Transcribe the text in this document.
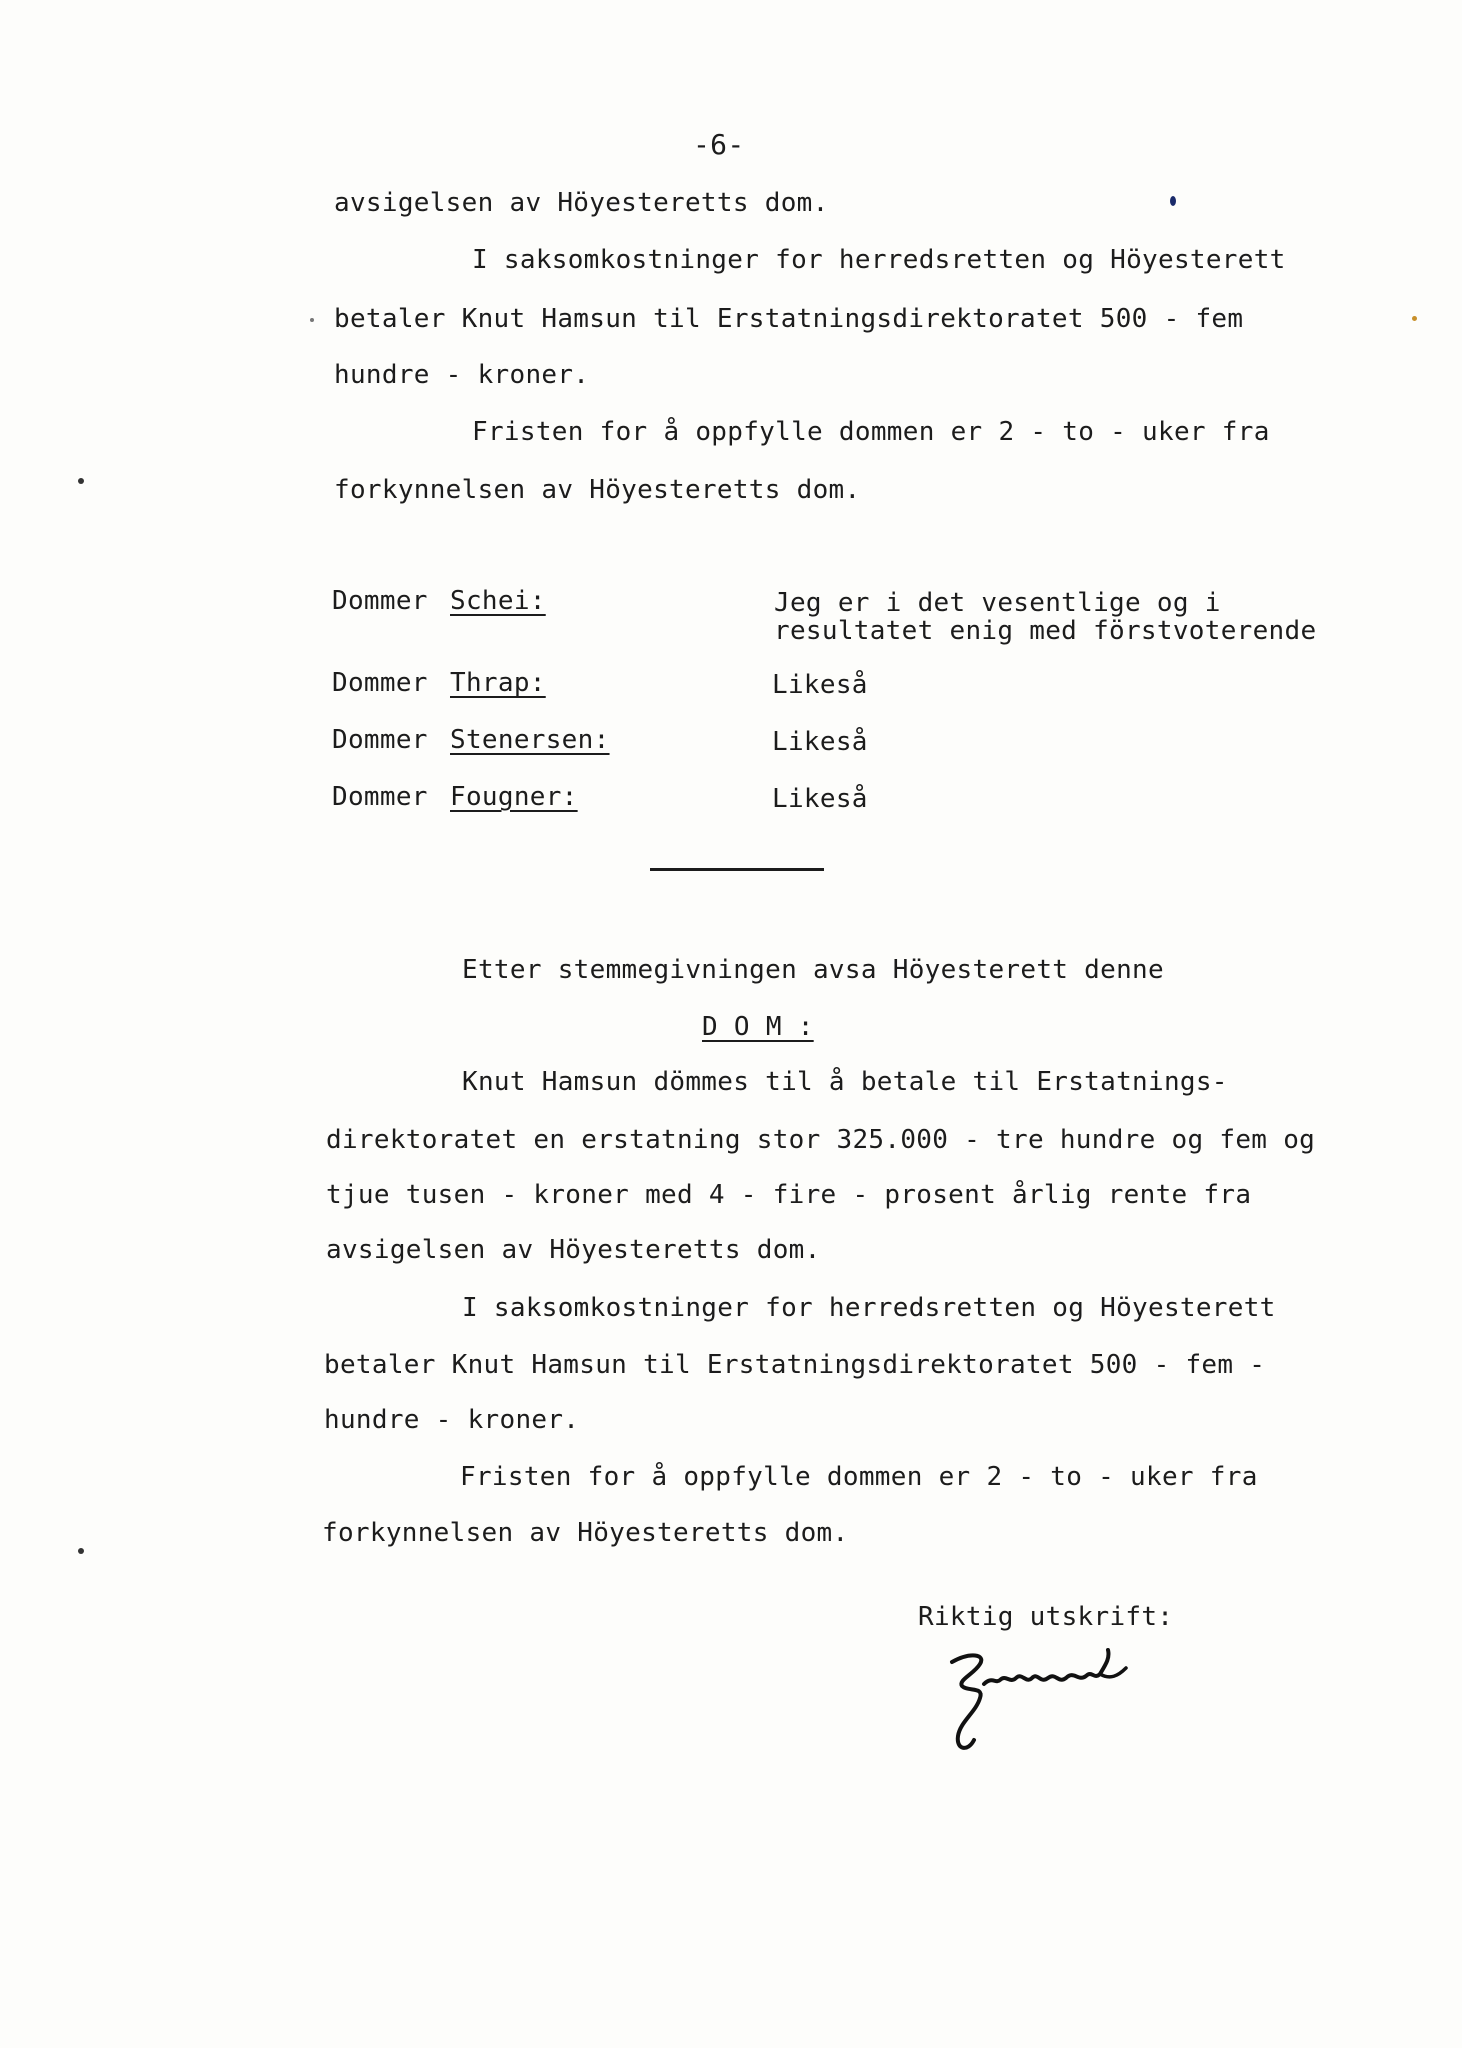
-6-
avsigelsen av Höyesteretts dom.
I saksomkostninger for herredsretten og Höyesterett
betaler Knut Hamsun til Erstatningsdirektoratet 500 - fem
hundre - kroner.
Fristen for å oppfylle dommen er 2 - to - uker fra
forkynnelsen av Höyesteretts dom.
Dommer Schei:	Jeg er i det vesentlige og i
resultatet enig med förstvoterende
Dommer Thrap:	Likeså
Dommer Stenersen:	Likeså
Dommer Fougner:	Likeså
Etter stemmegivningen avsa Höyesterett denne
D O M :
Knut Hamsun dömmes til å betale til Erstatnings-
direktoratet en erstatning stor 325.000 - tre hundre og fem og
tjue tusen - kroner med 4 - fire - prosent årlig rente fra
avsigelsen av Höyesteretts dom.
I saksomkostninger for herredsretten og Höyesterett
betaler Knut Hamsun til Erstatningsdirektoratet 500 - fem -
hundre - kroner.
Fristen for å oppfylle dommen er 2 - to - uker fra
forkynnelsen av Höyesteretts dom.
Riktig utskrift:
